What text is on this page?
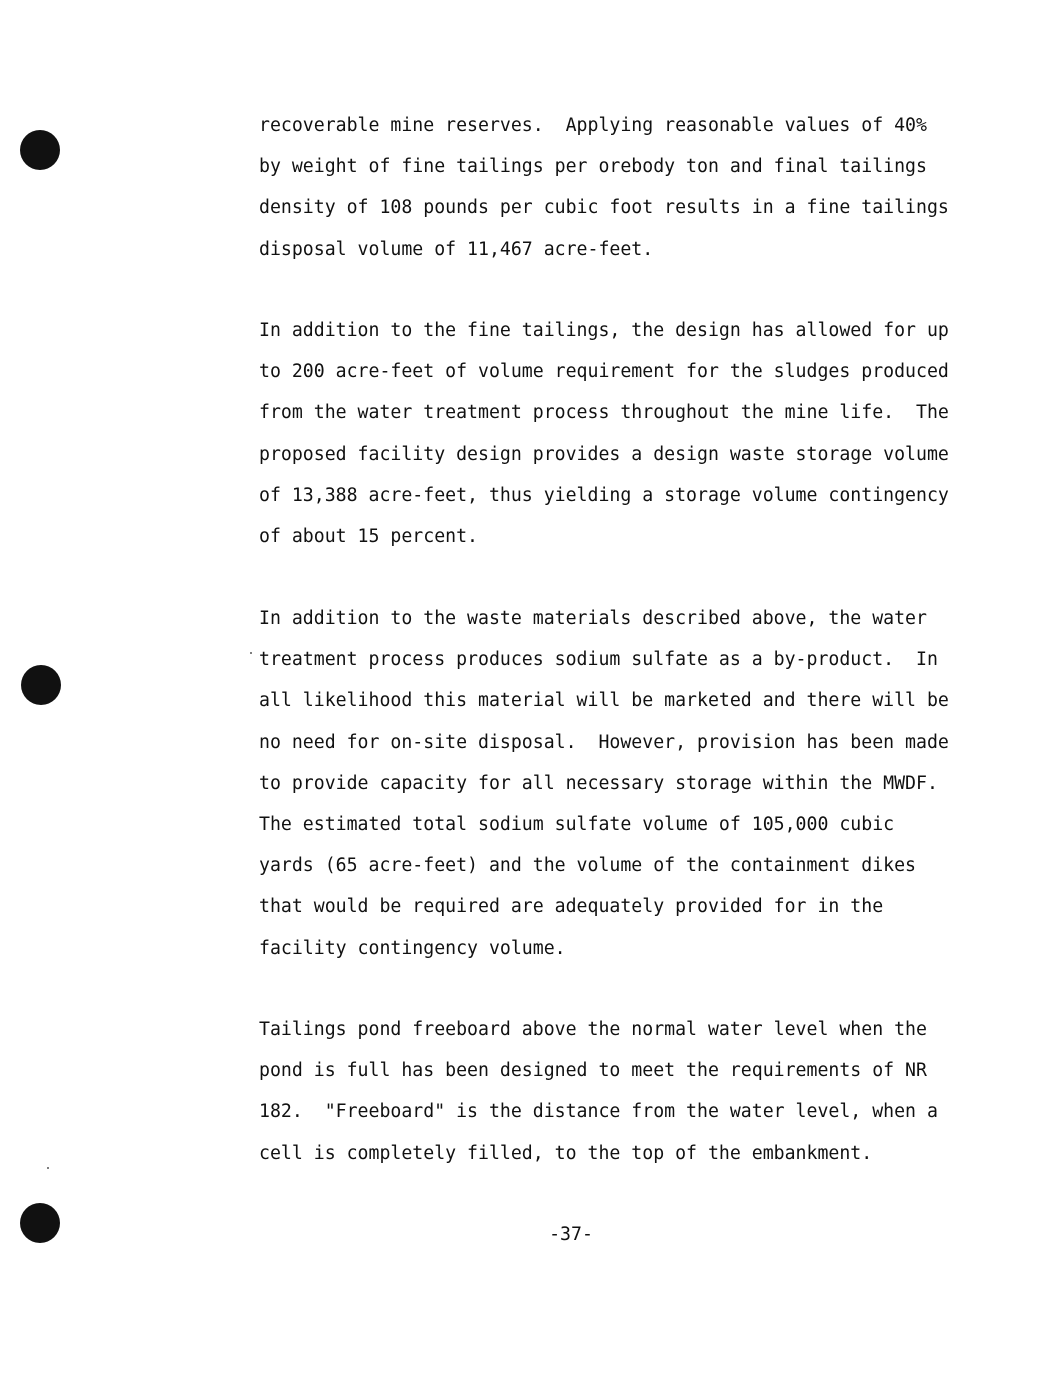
recoverable mine reserves.  Applying reasonable values of 40%
by weight of fine tailings per orebody ton and final tailings
density of 108 pounds per cubic foot results in a fine tailings
disposal volume of 11,467 acre-feet.
In addition to the fine tailings, the design has allowed for up
to 200 acre-feet of volume requirement for the sludges produced
from the water treatment process throughout the mine life.  The
proposed facility design provides a design waste storage volume
of 13,388 acre-feet, thus yielding a storage volume contingency
of about 15 percent.
In addition to the waste materials described above, the water
treatment process produces sodium sulfate as a by-product.  In
all likelihood this material will be marketed and there will be
no need for on-site disposal.  However, provision has been made
to provide capacity for all necessary storage within the MWDF.
The estimated total sodium sulfate volume of 105,000 cubic
yards (65 acre-feet) and the volume of the containment dikes
that would be required are adequately provided for in the
facility contingency volume.
Tailings pond freeboard above the normal water level when the
pond is full has been designed to meet the requirements of NR
182.  "Freeboard" is the distance from the water level, when a
cell is completely filled, to the top of the embankment.
-37-
